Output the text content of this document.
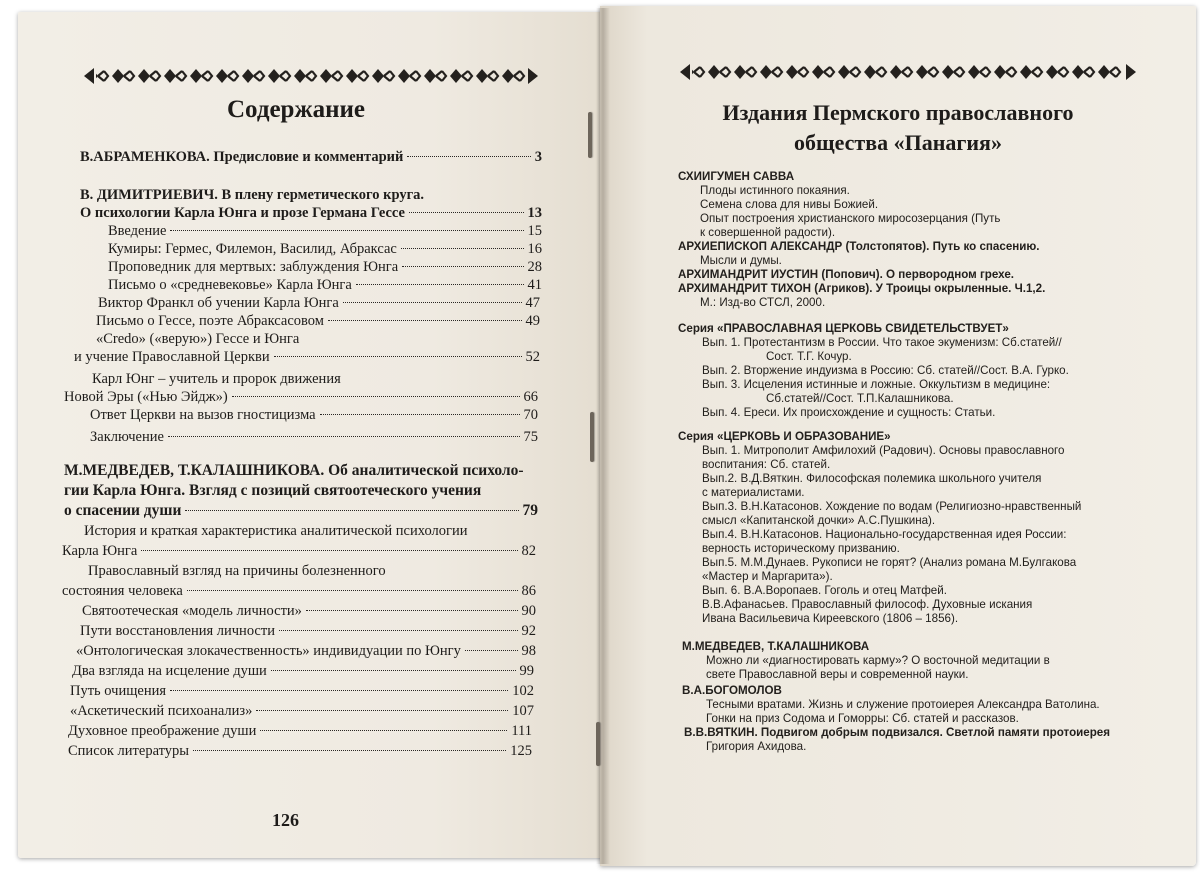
Содержание
В.АБРАМЕНКОВА. Предисловие и комментарий	3
В. ДИМИТРИЕВИЧ. В плену герметического круга.
О психологии Карла Юнга и прозе Германа Гессе	13
Введение	15
Кумиры: Гермес, Филемон, Василид, Абраксас	16
Проповедник для мертвых: заблуждения Юнга	28
Письмо о «средневековье» Карла Юнга	41
Виктор Франкл об учении Карла Юнга	47
Письмо о Гессе, поэте Абраксасовом	49
«Credo» («верую») Гессе и Юнга
и учение Православной Церкви	52
Карл Юнг – учитель и пророк движения
Новой Эры («Нью Эйдж»)	66
Ответ Церкви на вызов гностицизма	70
Заключение	75
М.МЕДВЕДЕВ, Т.КАЛАШНИКОВА. Об аналитической психоло-
гии Карла Юнга. Взгляд с позиций святоотеческого учения
о спасении души	79
История и краткая характеристика аналитической психологии
Карла Юнга	82
Православный взгляд на причины болезненного
состояния человека	86
Святоотеческая «модель личности»	90
Пути восстановления личности	92
«Онтологическая злокачественность» индивидуации по Юнгу	98
Два взгляда на исцеление души	99
Путь очищения	102
«Аскетический психоанализ»	107
Духовное преображение души	111
Список литературы	125
126
Издания Пермского православного
общества «Панагия»
СХИИГУМЕН САВВА
Плоды истинного покаяния.
Семена слова для нивы Божией.
Опыт построения христианского миросозерцания (Путь
к совершенной радости).
Мысли и думы.
АРХИЕПИСКОП АЛЕКСАНДР (Толстопятов). Путь ко спасению.
АРХИМАНДРИТ ИУСТИН (Попович). О первородном грехе.
АРХИМАНДРИТ ТИХОН (Агриков). У Троицы окрыленные. Ч.1,2.
М.: Изд-во СТСЛ, 2000.
Серия «ПРАВОСЛАВНАЯ ЦЕРКОВЬ СВИДЕТЕЛЬСТВУЕТ»
Вып. 1. Протестантизм в России. Что такое экуменизм: Сб.статей//
Сост. Т.Г. Кочур.
Вып. 2. Вторжение индуизма в Россию: Сб. статей//Сост. В.А. Гурко.
Вып. 3. Исцеления истинные и ложные. Оккультизм в медицине:
Сб.статей//Сост. Т.П.Калашникова.
Вып. 4. Ереси. Их происхождение и сущность: Статьи.
Серия «ЦЕРКОВЬ И ОБРАЗОВАНИЕ»
Вып. 1. Митрополит Амфилохий (Радович). Основы православного
воспитания: Сб. статей.
Вып.2. В.Д.Вяткин. Философская полемика школьного учителя
с материалистами.
Вып.3. В.Н.Катасонов. Хождение по водам (Религиозно-нравственный
смысл «Капитанской дочки» А.С.Пушкина).
Вып.4. В.Н.Катасонов. Национально-государственная идея России:
верность историческому призванию.
Вып.5. М.М.Дунаев. Рукописи не горят? (Анализ романа М.Булгакова
«Мастер и Маргарита»).
Вып. 6. В.А.Воропаев. Гоголь и отец Матфей.
В.В.Афанасьев. Православный философ. Духовные искания
Ивана Васильевича Киреевского (1806 – 1856).
М.МЕДВЕДЕВ, Т.КАЛАШНИКОВА
Можно ли «диагностировать карму»? О восточной медитации в
свете Православной веры и современной науки.
В.А.БОГОМОЛОВ
Тесными вратами. Жизнь и служение протоиерея Александра Ватолина.
Гонки на приз Содома и Гоморры: Сб. статей и рассказов.
В.В.ВЯТКИН. Подвигом добрым подвизался. Светлой памяти протоиерея
Григория Ахидова.
